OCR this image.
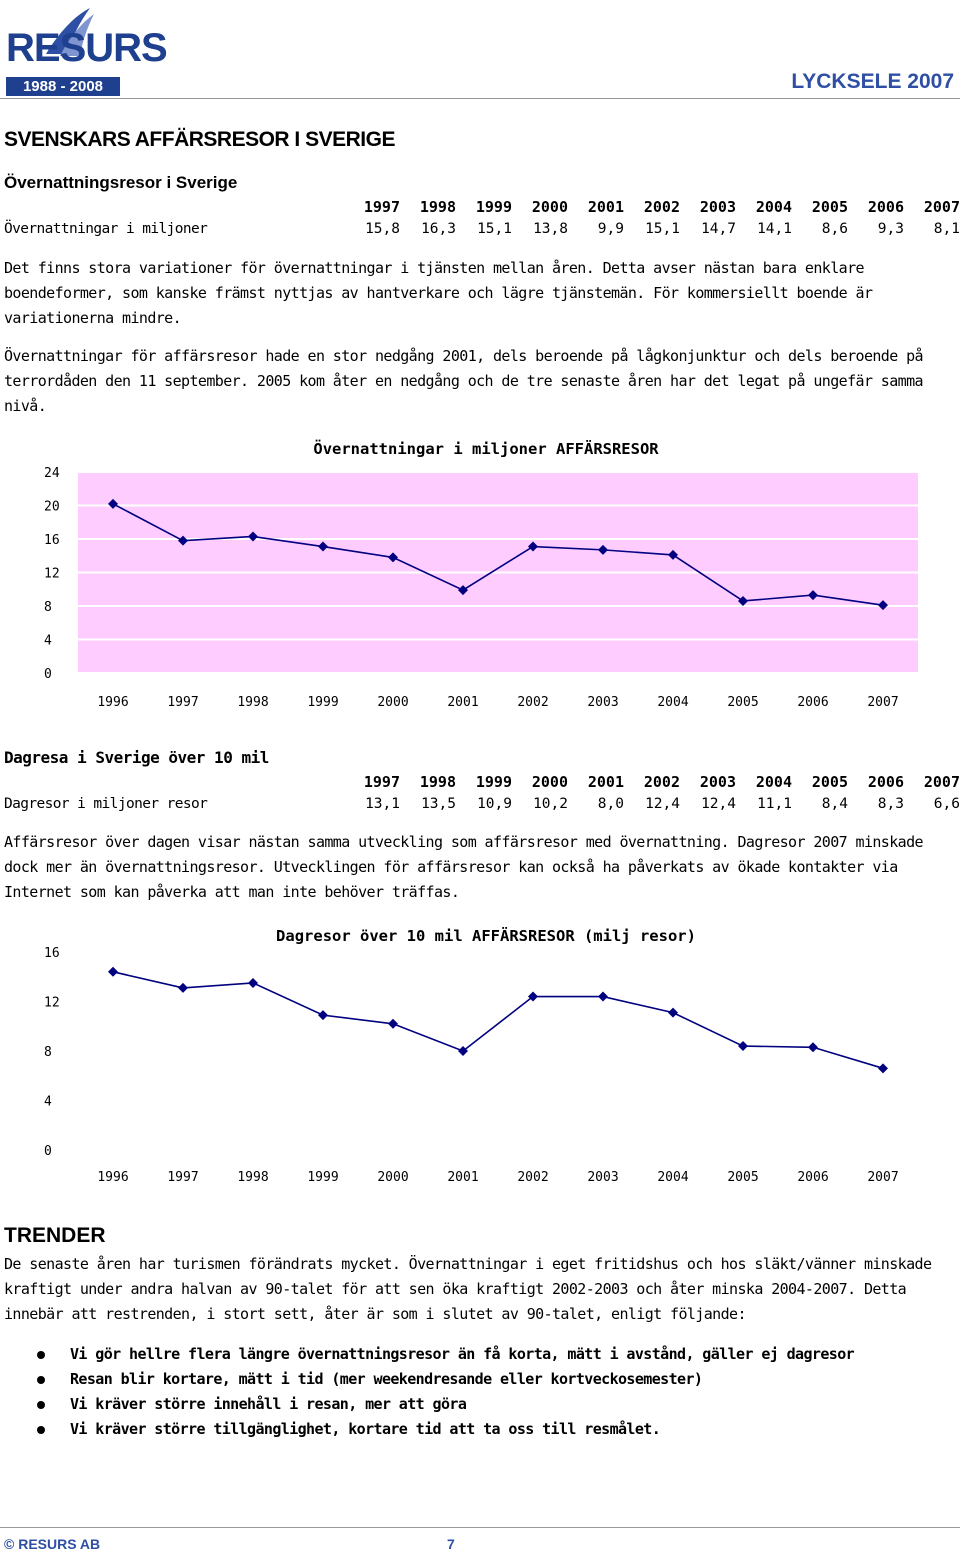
RESURS
1988 - 2008	LYCKSELE 2007
SVENSKARS AFFÄRSRESOR I SVERIGE
Övernattningsresor i Sverige
1997	1998	1999	2000	2001	2002	2003	2004	2005	2006	2007
Övernattningar i miljoner	15,8	16,3	15,1	13,8	9,9	15,1	14,7	14,1	8,6	9,3	8,1
Det finns stora variationer för övernattningar i tjänsten mellan åren. Detta avser nästan bara enklare boendeformer, som kanske främst nyttjas av hantverkare och lägre tjänstemän. För kommersiellt boende är variationerna mindre.
Övernattningar för affärsresor hade en stor nedgång 2001, dels beroende på lågkonjunktur och dels beroende på terrordåden den 11 september. 2005 kom åter en nedgång och de tre senaste åren har det legat på ungefär samma nivå.
Övernattningar i miljoner AFFÄRSRESOR
24
20
16
12
8
4
0
1996	1997	1998	1999	2000	2001	2002	2003	2004	2005	2006	2007
Dagresa i Sverige över 10 mil
1997	1998	1999	2000	2001	2002	2003	2004	2005	2006	2007
Dagresor i miljoner resor	13,1	13,5	10,9	10,2	8,0	12,4	12,4	11,1	8,4	8,3	6,6
Affärsresor över dagen visar nästan samma utveckling som affärsresor med övernattning. Dagresor 2007 minskade dock mer än övernattningsresor. Utvecklingen för affärsresor kan också ha påverkats av ökade kontakter via Internet som kan påverka att man inte behöver träffas.
Dagresor över 10 mil AFFÄRSRESOR (milj resor)
16
12
8
4
0
1996	1997	1998	1999	2000	2001	2002	2003	2004	2005	2006	2007
TRENDER
De senaste åren har turismen förändrats mycket. Övernattningar i eget fritidshus och hos släkt/vänner minskade kraftigt under andra halvan av 90-talet för att sen öka kraftigt 2002-2003 och åter minska 2004-2007. Detta innebär att restrenden, i stort sett, åter är som i slutet av 90-talet, enligt följande:
Vi gör hellre flera längre övernattningsresor än få korta, mätt i avstånd, gäller ej dagresor
Resan blir kortare, mätt i tid (mer weekendresande eller kortveckosemester)
Vi kräver större innehåll i resan, mer att göra
Vi kräver större tillgänglighet, kortare tid att ta oss till resmålet.
© RESURS AB	7
